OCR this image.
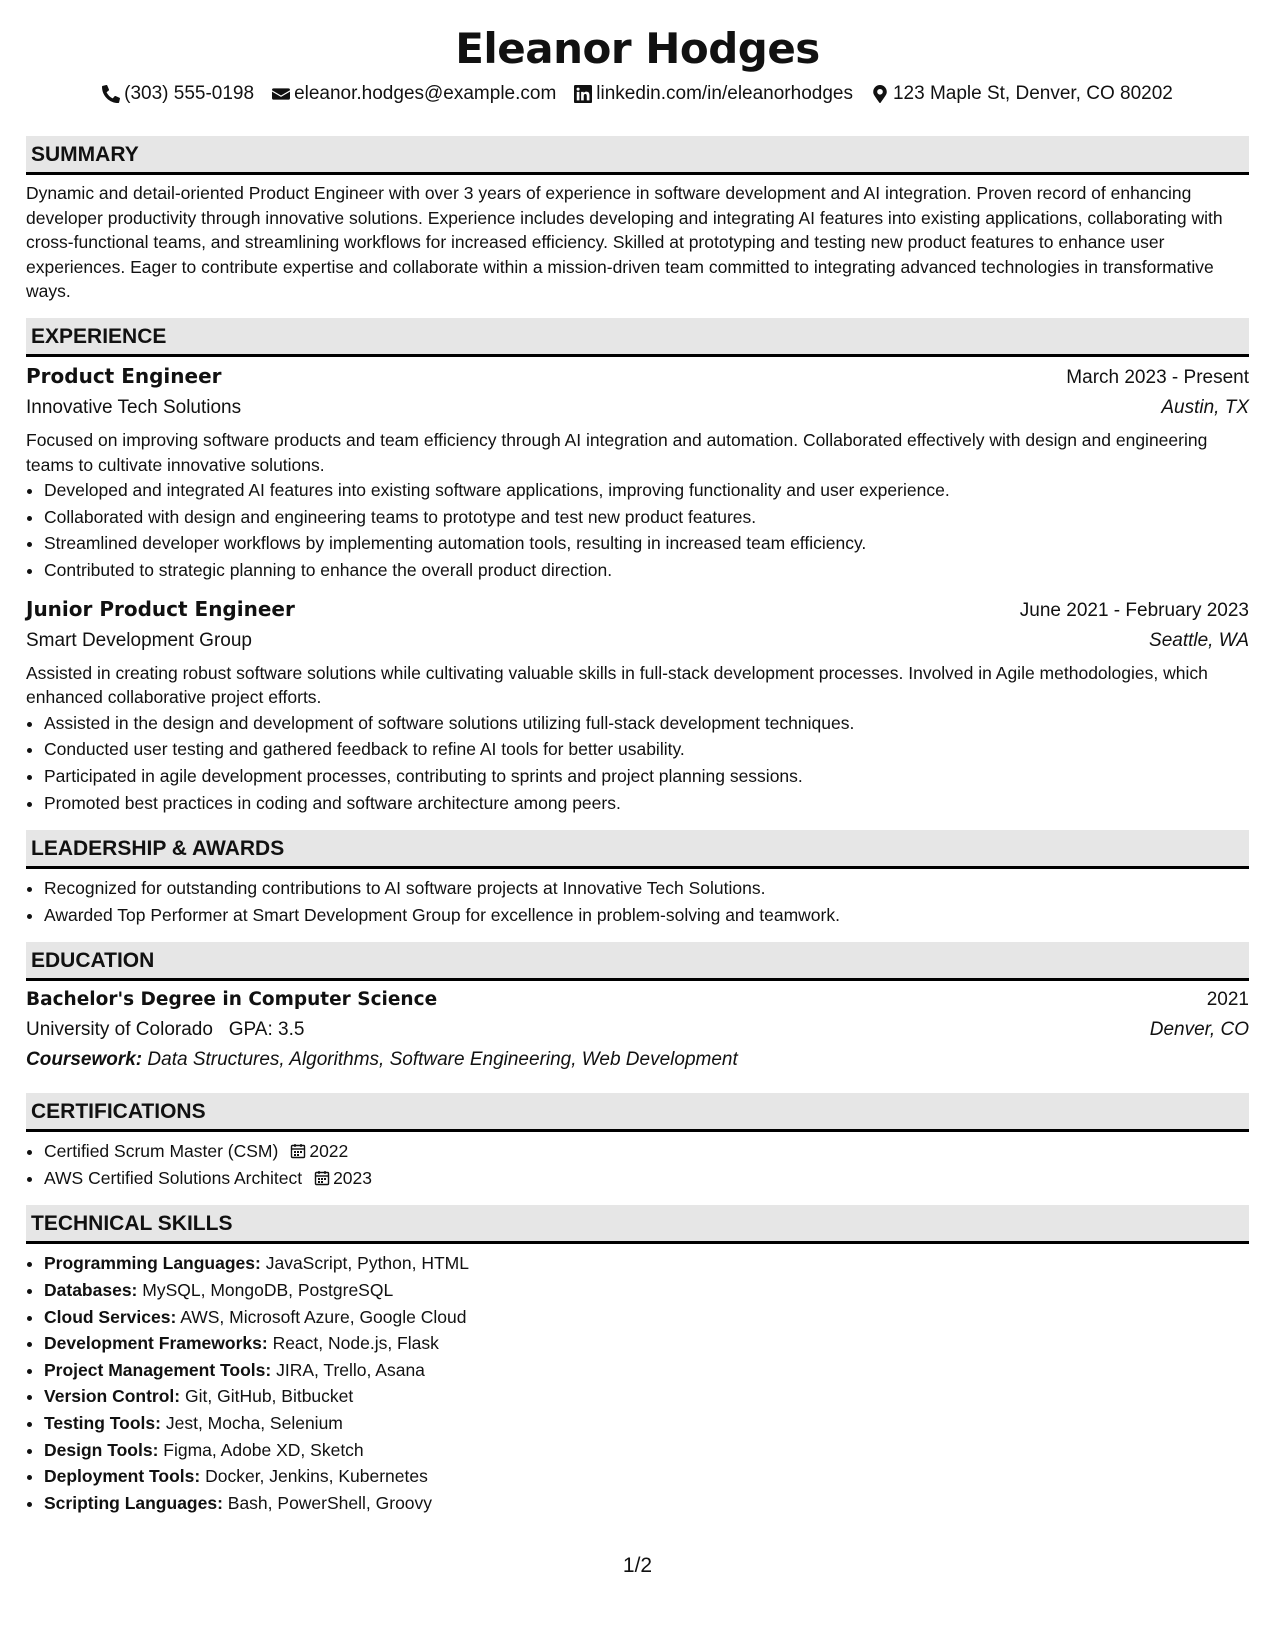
Eleanor Hodges
(303) 555-0198 eleanor.hodges@example.com linkedin.com/in/eleanorhodges 123 Maple St, Denver, CO 80202
SUMMARY

Dynamic and detail-oriented Product Engineer with over 3 years of experience in software development and AI integration. Proven record of enhancing developer productivity through innovative solutions. Experience includes developing and integrating AI features into existing applications, collaborating with cross-functional teams, and streamlining workflows for increased efficiency. Skilled at prototyping and testing new product features to enhance user experiences. Eager to contribute expertise and collaborate within a mission-driven team committed to integrating advanced technologies in transformative ways.

EXPERIENCE
Product Engineer	March 2023 - Present
Innovative Tech Solutions	Austin, TX
Focused on improving software products and team efficiency through AI integration and automation. Collaborated effectively with design and engineering teams to cultivate innovative solutions.
• Developed and integrated AI features into existing software applications, improving functionality and user experience.
• Collaborated with design and engineering teams to prototype and test new product features.
• Streamlined developer workflows by implementing automation tools, resulting in increased team efficiency.
• Contributed to strategic planning to enhance the overall product direction.
Junior Product Engineer	June 2021 - February 2023
Smart Development Group	Seattle, WA
Assisted in creating robust software solutions while cultivating valuable skills in full-stack development processes. Involved in Agile methodologies, which enhanced collaborative project efforts.
• Assisted in the design and development of software solutions utilizing full-stack development techniques.
• Conducted user testing and gathered feedback to refine AI tools for better usability.
• Participated in agile development processes, contributing to sprints and project planning sessions.
• Promoted best practices in coding and software architecture among peers.
LEADERSHIP & AWARDS
• Recognized for outstanding contributions to AI software projects at Innovative Tech Solutions.
• Awarded Top Performer at Smart Development Group for excellence in problem-solving and teamwork.
EDUCATION
Bachelor's Degree in Computer Science	2021
University of Colorado GPA: 3.5	Denver, CO
Coursework: Data Structures, Algorithms, Software Engineering, Web Development
CERTIFICATIONS
• Certified Scrum Master (CSM) 2022
• AWS Certified Solutions Architect 2023
TECHNICAL SKILLS
• Programming Languages: JavaScript, Python, HTML
• Databases: MySQL, MongoDB, PostgreSQL
• Cloud Services: AWS, Microsoft Azure, Google Cloud
• Development Frameworks: React, Node.js, Flask
• Project Management Tools: JIRA, Trello, Asana
• Version Control: Git, GitHub, Bitbucket
• Testing Tools: Jest, Mocha, Selenium
• Design Tools: Figma, Adobe XD, Sketch
• Deployment Tools: Docker, Jenkins, Kubernetes
• Scripting Languages: Bash, PowerShell, Groovy
1/2
